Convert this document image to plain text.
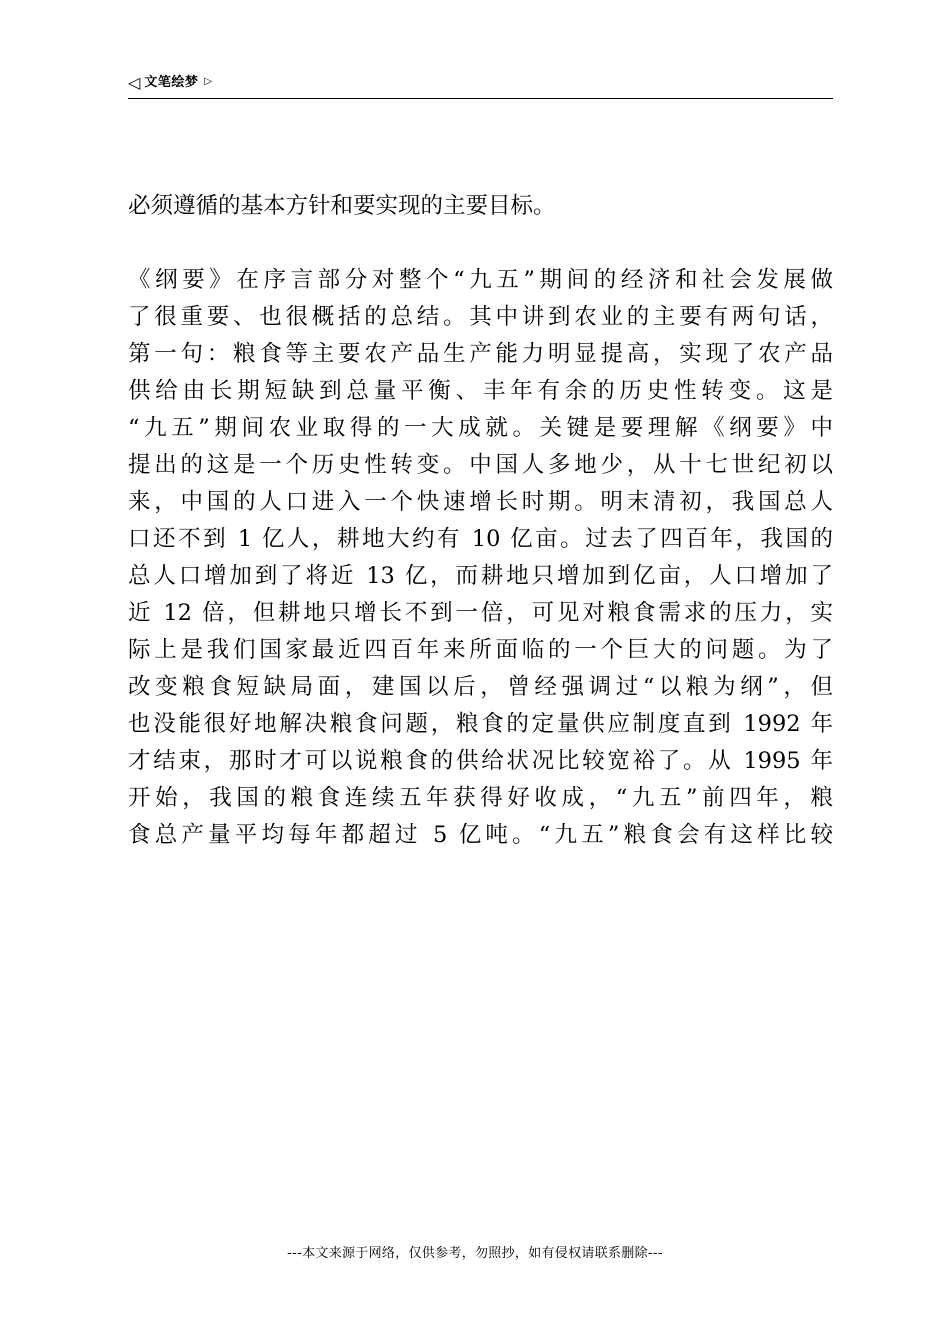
◁ 文笔绘梦 ▷
必须遵循的基本方针和要实现的主要目标。
《纲要》在序言部分对整个“九五”期间的经济和社会发展做
了很重要、也很概括的总结。其中讲到农业的主要有两句话，
第一句：粮食等主要农产品生产能力明显提高，实现了农产品
供给由长期短缺到总量平衡、丰年有余的历史性转变。这是
“九五”期间农业取得的一大成就。关键是要理解《纲要》中
提出的这是一个历史性转变。中国人多地少，从十七世纪初以
来，中国的人口进入一个快速增长时期。明末清初，我国总人
口还不到 1 亿人，耕地大约有 10 亿亩。过去了四百年，我国的
总人口增加到了将近 13 亿，而耕地只增加到亿亩，人口增加了
近 12 倍，但耕地只增长不到一倍，可见对粮食需求的压力，实
际上是我们国家最近四百年来所面临的一个巨大的问题。为了
改变粮食短缺局面，建国以后，曾经强调过“以粮为纲”，但
也没能很好地解决粮食问题，粮食的定量供应制度直到 1992 年
才结束，那时才可以说粮食的供给状况比较宽裕了。从 1995 年
开始，我国的粮食连续五年获得好收成，“九五”前四年，粮
食总产量平均每年都超过 5 亿吨。“九五”粮食会有这样比较
---本文来源于网络，仅供参考，勿照抄，如有侵权请联系删除---
